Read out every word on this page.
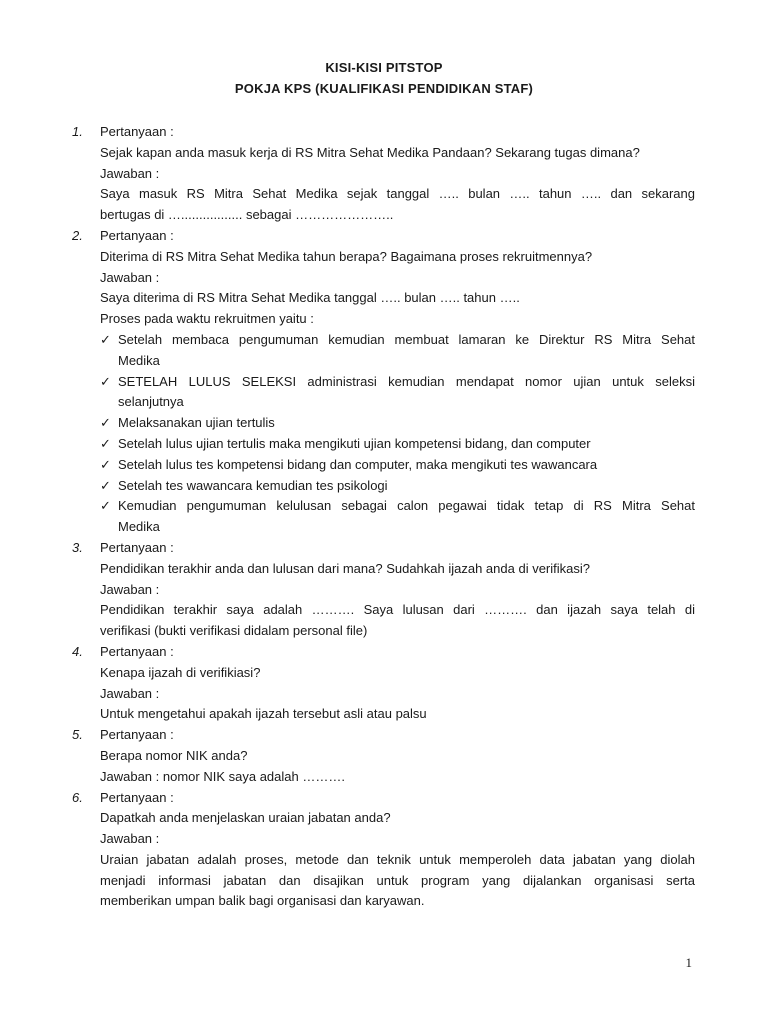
KISI-KISI PITSTOP
POKJA KPS (KUALIFIKASI PENDIDIKAN STAF)
1. Pertanyaan :
Sejak kapan anda masuk kerja di RS Mitra Sehat Medika Pandaan? Sekarang tugas dimana?
Jawaban :
Saya masuk RS Mitra Sehat Medika sejak tanggal ….. bulan ….. tahun ….. dan sekarang
bertugas di …................. sebagai …………………..
2. Pertanyaan :
Diterima di RS Mitra Sehat Medika tahun berapa? Bagaimana proses rekruitmennya?
Jawaban :
Saya diterima di RS Mitra Sehat Medika tanggal ….. bulan ….. tahun …..
Proses pada waktu rekruitmen yaitu :
✓ Setelah membaca pengumuman kemudian membuat lamaran ke Direktur RS Mitra Sehat
Medika
✓ SETELAH LULUS SELEKSI administrasi kemudian mendapat nomor ujian untuk seleksi
selanjutnya
✓ Melaksanakan ujian tertulis
✓ Setelah lulus ujian tertulis maka mengikuti ujian kompetensi bidang, dan computer
✓ Setelah lulus tes kompetensi bidang dan computer, maka mengikuti tes wawancara
✓ Setelah tes wawancara kemudian tes psikologi
✓ Kemudian pengumuman kelulusan sebagai calon pegawai tidak tetap di RS Mitra Sehat
Medika
3. Pertanyaan :
Pendidikan terakhir anda dan lulusan dari mana? Sudahkah ijazah anda di verifikasi?
Jawaban :
Pendidikan terakhir saya adalah ………. Saya lulusan dari ………. dan ijazah saya telah di
verifikasi (bukti verifikasi didalam personal file)
4. Pertanyaan :
Kenapa ijazah di verifikiasi?
Jawaban :
Untuk mengetahui apakah ijazah tersebut asli atau palsu
5. Pertanyaan :
Berapa nomor NIK anda?
Jawaban : nomor NIK saya adalah ……….
6. Pertanyaan :
Dapatkah anda menjelaskan uraian jabatan anda?
Jawaban :
Uraian jabatan adalah proses, metode dan teknik untuk memperoleh data jabatan yang diolah
menjadi informasi jabatan dan disajikan untuk program yang dijalankan organisasi serta
memberikan umpan balik bagi organisasi dan karyawan.
1
